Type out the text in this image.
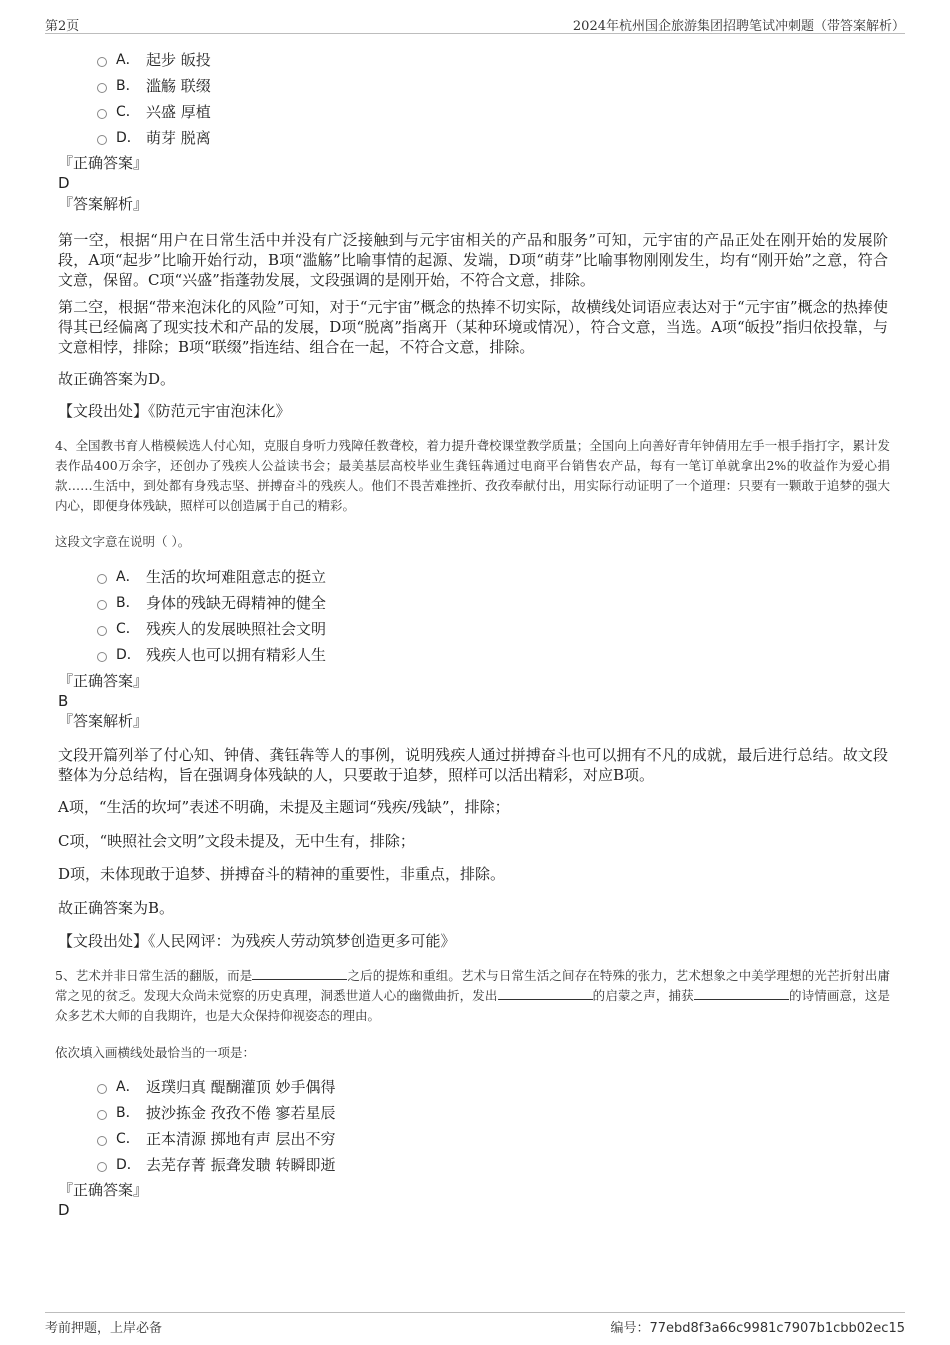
第2页	2024年杭州国企旅游集团招聘笔试冲刺题（带答案解析）
A． 起步 皈投
B． 滥觞 联缀
C． 兴盛 厚植
D． 萌芽 脱离
『正确答案』
D
『答案解析』
第一空，根据“用户在日常生活中并没有广泛接触到与元宇宙相关的产品和服务”可知，元宇宙的产品正处在刚开始的发展阶段，A项“起步”比喻开始行动，B项“滥觞”比喻事情的起源、发端，D项“萌芽”比喻事物刚刚发生，均有“刚开始”之意，符合文意，保留。C项“兴盛”指蓬勃发展，文段强调的是刚开始，不符合文意，排除。
第二空，根据“带来泡沫化的风险”可知，对于“元宇宙”概念的热捧不切实际，故横线处词语应表达对于“元宇宙”概念的热捧使得其已经偏离了现实技术和产品的发展，D项“脱离”指离开（某种环境或情况），符合文意，当选。A项“皈投”指归依投靠，与文意相悖，排除；B项“联缀”指连结、组合在一起，不符合文意，排除。
故正确答案为D。
【文段出处】《防范元宇宙泡沫化》
4、全国教书育人楷模候选人付心知，克服自身听力残障任教聋校，着力提升聋校课堂教学质量；全国向上向善好青年钟倩用左手一根手指打字，累计发表作品400万余字，还创办了残疾人公益读书会；最美基层高校毕业生龚钰犇通过电商平台销售农产品，每有一笔订单就拿出2%的收益作为爱心捐款……生活中，到处都有身残志坚、拼搏奋斗的残疾人。他们不畏苦难挫折、孜孜奉献付出，用实际行动证明了一个道理：只要有一颗敢于追梦的强大内心，即便身体残缺，照样可以创造属于自己的精彩。
这段文字意在说明（ ）。
A． 生活的坎坷难阻意志的挺立
B． 身体的残缺无碍精神的健全
C． 残疾人的发展映照社会文明
D． 残疾人也可以拥有精彩人生
『正确答案』
B
『答案解析』
文段开篇列举了付心知、钟倩、龚钰犇等人的事例，说明残疾人通过拼搏奋斗也可以拥有不凡的成就，最后进行总结。故文段整体为分总结构，旨在强调身体残缺的人，只要敢于追梦，照样可以活出精彩，对应B项。
A项，“生活的坎坷”表述不明确，未提及主题词“残疾/残缺”，排除；
C项，“映照社会文明”文段未提及，无中生有，排除；
D项，未体现敢于追梦、拼搏奋斗的精神的重要性，非重点，排除。
故正确答案为B。
【文段出处】《人民网评：为残疾人劳动筑梦创造更多可能》
5、艺术并非日常生活的翻版，而是	之后的提炼和重组。艺术与日常生活之间存在特殊的张力，艺术想象之中美学理想的光芒折射出庸常之见的贫乏。发现大众尚未觉察的历史真理，洞悉世道人心的幽微曲折，发出	的启蒙之声，捕获	的诗情画意，这是众多艺术大师的自我期许，也是大众保持仰视姿态的理由。
依次填入画横线处最恰当的一项是：
A． 返璞归真 醍醐灌顶 妙手偶得
B． 披沙拣金 孜孜不倦 寥若星辰
C． 正本清源 掷地有声 层出不穷
D． 去芜存菁 振聋发聩 转瞬即逝
『正确答案』
D
考前押题，上岸必备	编号：77ebd8f3a66c9981c7907b1cbb02ec15
